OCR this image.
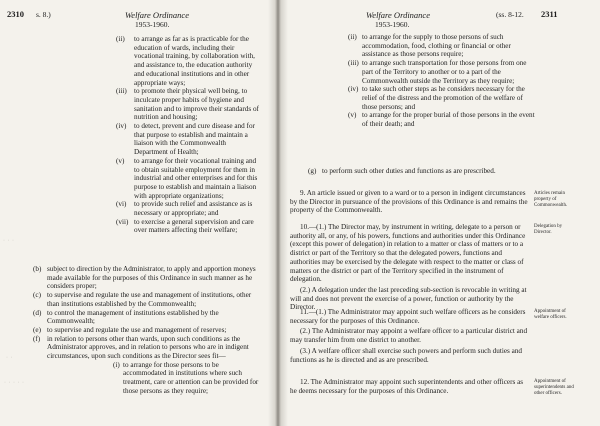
2310 s. 8.)	Welfare Ordinance
1953-1960.
(ii)	to arrange as far as is practicable for the education of wards, including their vocational training, by collaboration with, and assistance to, the education authority and educational institutions and in other appropriate ways;
(iii)	to promote their physical well being, to inculcate proper habits of hygiene and sanitation and to improve their standards of nutrition and housing;
(iv)	to detect, prevent and cure disease and for that purpose to establish and maintain a liaison with the Commonwealth Department of Health;
(v)	to arrange for their vocational training and to obtain suitable employment for them in industrial and other enterprises and for this purpose to establish and maintain a liaison with appropriate organizations;
(vi)	to provide such relief and assistance as is necessary or appropriate; and
(vii) to exercise a general supervision and care over matters affecting their welfare;
(b) subject to direction by the Administrator, to apply and apportion moneys made available for the purposes of this Ordinance in such manner as he considers proper;
(c) to supervise and regulate the use and management of institutions, other than institutions established by the Commonwealth;
(d) to control the management of institutions established by the Commonwealth;
(e) to supervise and regulate the use and management of reserves;
(f) in relation to persons other than wards, upon such conditions as the Administrator approves, and in relation to persons who are in indigent circumstances, upon such conditions as the Director sees fit—
(i) to arrange for those persons to be accommodated in institutions where such treatment, care or attention can be provided for those persons as they require;
· · ·
· ·
· · · · ·
Welfare Ordinance
1953-1960.
(ss. 8-12. 2311
(ii) to arrange for the supply to those persons of such accommodation, food, clothing or financial or other assistance as those persons require;
(iii) to arrange such transportation for those persons from one part of the Territory to another or to a part of the Commonwealth outside the Territory as they require;
(iv) to take such other steps as he considers necessary for the relief of the distress and the promotion of the welfare of those persons; and
(v) to arrange for the proper burial of those persons in the event of their death; and
(g) to perform such other duties and functions as are prescribed.

9. An article issued or given to a ward or to a person in indigent circumstances by the Director in pursuance of the provisions of this Ordinance is and remains the property of the Commonwealth.

Articles remain property of Commonwealth.

10.—(1.) The Director may, by instrument in writing, delegate to a person or authority all, or any, of his powers, functions and authorities under this Ordinance (except this power of delegation) in relation to a matter or class of matters or to a district or part of the Territory so that the delegated powers, functions and authorities may be exercised by the delegate with respect to the matter or class of matters or the district or part of the Territory specified in the instrument of delegation.

(2.) A delegation under the last preceding sub-section is revocable in writing at will and does not prevent the exercise of a power, function or authority by the Director.

Delegation by Director.

11.—(1.) The Administrator may appoint such welfare officers as he considers necessary for the purposes of this Ordinance.

(2.) The Administrator may appoint a welfare officer to a particular district and may transfer him from one district to another.

(3.) A welfare officer shall exercise such powers and perform such duties and functions as he is directed and as are prescribed.

Appointment of welfare officers.

12. The Administrator may appoint such superintendents and other officers as he deems necessary for the purposes of this Ordinance.

Appointment of superintendents and other officers.
